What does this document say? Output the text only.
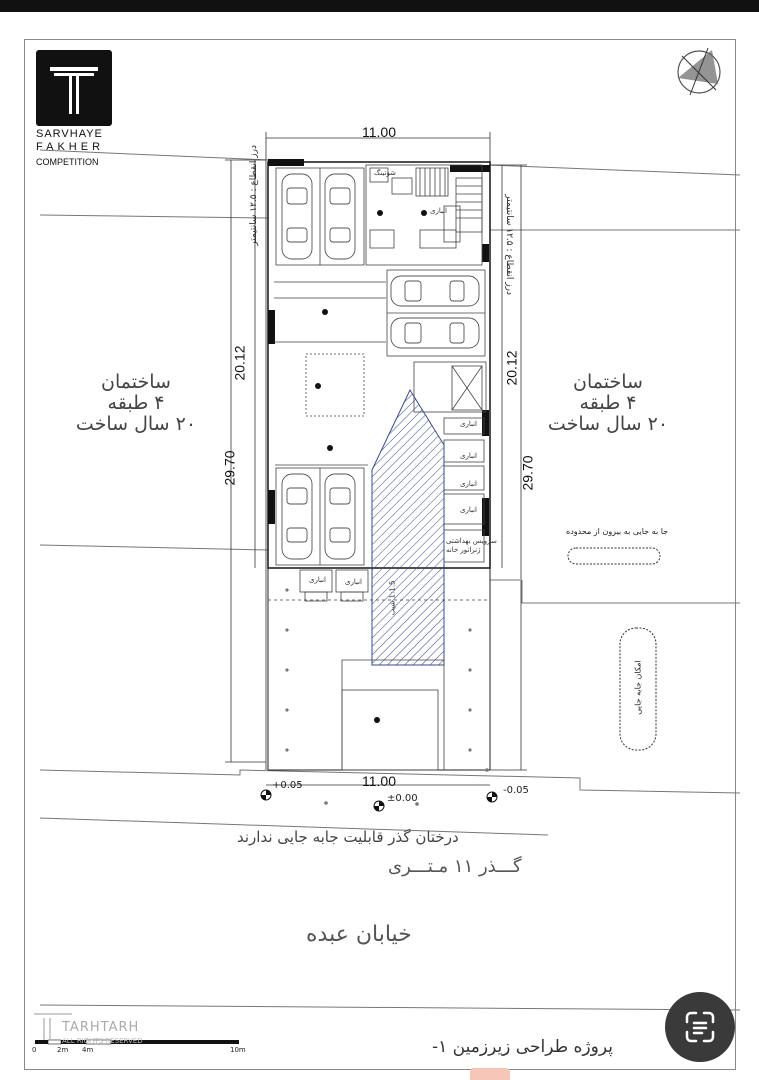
SARVHAYE
FAKHER
COMPETITION
11.00
11.00
20.12	20.12
29.70	29.70
+0.05
±0.00
-0.05
ساختمان
۴ طبقه
۲۰ سال ساخت
ساختمان
۴ طبقه
۲۰ سال ساخت
درز انقطاع : ۱۲.۵ سانتیمتر
درز انقطاع : ۱۲.۵ سانتیمتر
انباری
شوتینگ
انباری
انباری
انباری
انباری
سرویس بهداشتی
ژنراتور خانه
انباری	انباری
1:1.5 شیب
جا به جایی به بیرون از محدوده
امکان جابه جایی
درختان گذر قابلیت جابه جایی ندارند
گـــذر ۱۱ مـتـــری
خیابان عبده
پروژه طراحی زیرزمین ۱-
0	2m 4m	10m
TARHTARH
ALL RIGHTS RESERVED
